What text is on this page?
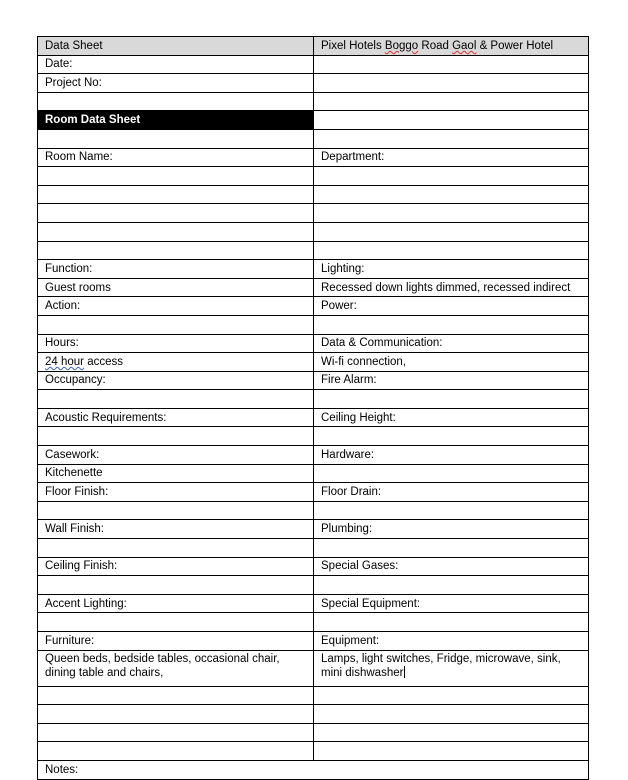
Data Sheet	Pixel Hotels Boggo Road Gaol & Power Hotel
Date:	
Project No:	

Room Data Sheet	

Room Name:	Department:

Function:	Lighting:
Guest rooms	Recessed down lights dimmed, recessed indirect
Action:	Power:

Hours:	Data & Communication:
24 hour access	Wi-fi connection,
Occupancy:	Fire Alarm:

Acoustic Requirements:	Ceiling Height:

Casework:	Hardware:
Kitchenette	
Floor Finish:	Floor Drain:

Wall Finish:	Plumbing:

Ceiling Finish:	Special Gases:

Accent Lighting:	Special Equipment:

Furniture:	Equipment:
Queen beds, bedside tables, occasional chair, dining table and chairs,	Lamps, light switches, Fridge, microwave, sink, mini dishwasher

Notes:	
